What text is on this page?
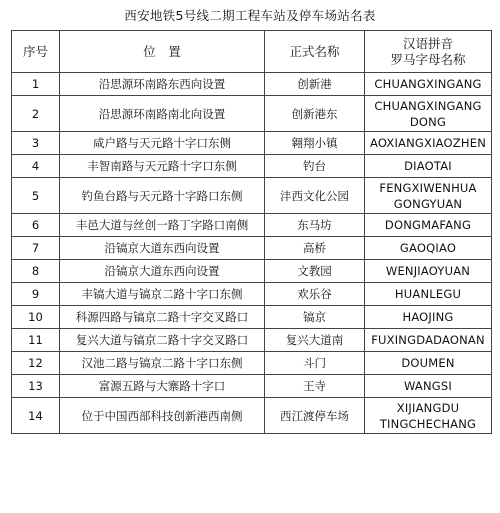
西安地铁5号线二期工程车站及停车场站名表
序号	位　置	正式名称	汉语拼音
罗马字母名称

1	沿思源环南路东西向设置	创新港	CHUANGXINGANG

2	沿思源环南路南北向设置	创新港东	CHUANGXINGANG
DONG

3	咸户路与天元路十字口东侧	翱翔小镇	AOXIANGXIAOZHEN

4	丰智南路与天元路十字口东侧	钓台	DIAOTAI

5	钓鱼台路与天元路十字路口东侧	沣西文化公园	FENGXIWENHUA
GONGYUAN

6	丰邑大道与丝创一路丁字路口南侧	东马坊	DONGMAFANG

7	沿镐京大道东西向设置	高桥	GAOQIAO

8	沿镐京大道东西向设置	文教园	WENJIAOYUAN

9	丰镐大道与镐京二路十字口东侧	欢乐谷	HUANLEGU

10	科源四路与镐京二路十字交叉路口	镐京	HAOJING

11	复兴大道与镐京二路十字交叉路口	复兴大道南	FUXINGDADAONAN

12	汉池二路与镐京二路十字口东侧	斗门	DOUMEN

13	富源五路与大寨路十字口	王寺	WANGSI

14	位于中国西部科技创新港西南侧	西江渡停车场	XIJIANGDU
TINGCHECHANG
